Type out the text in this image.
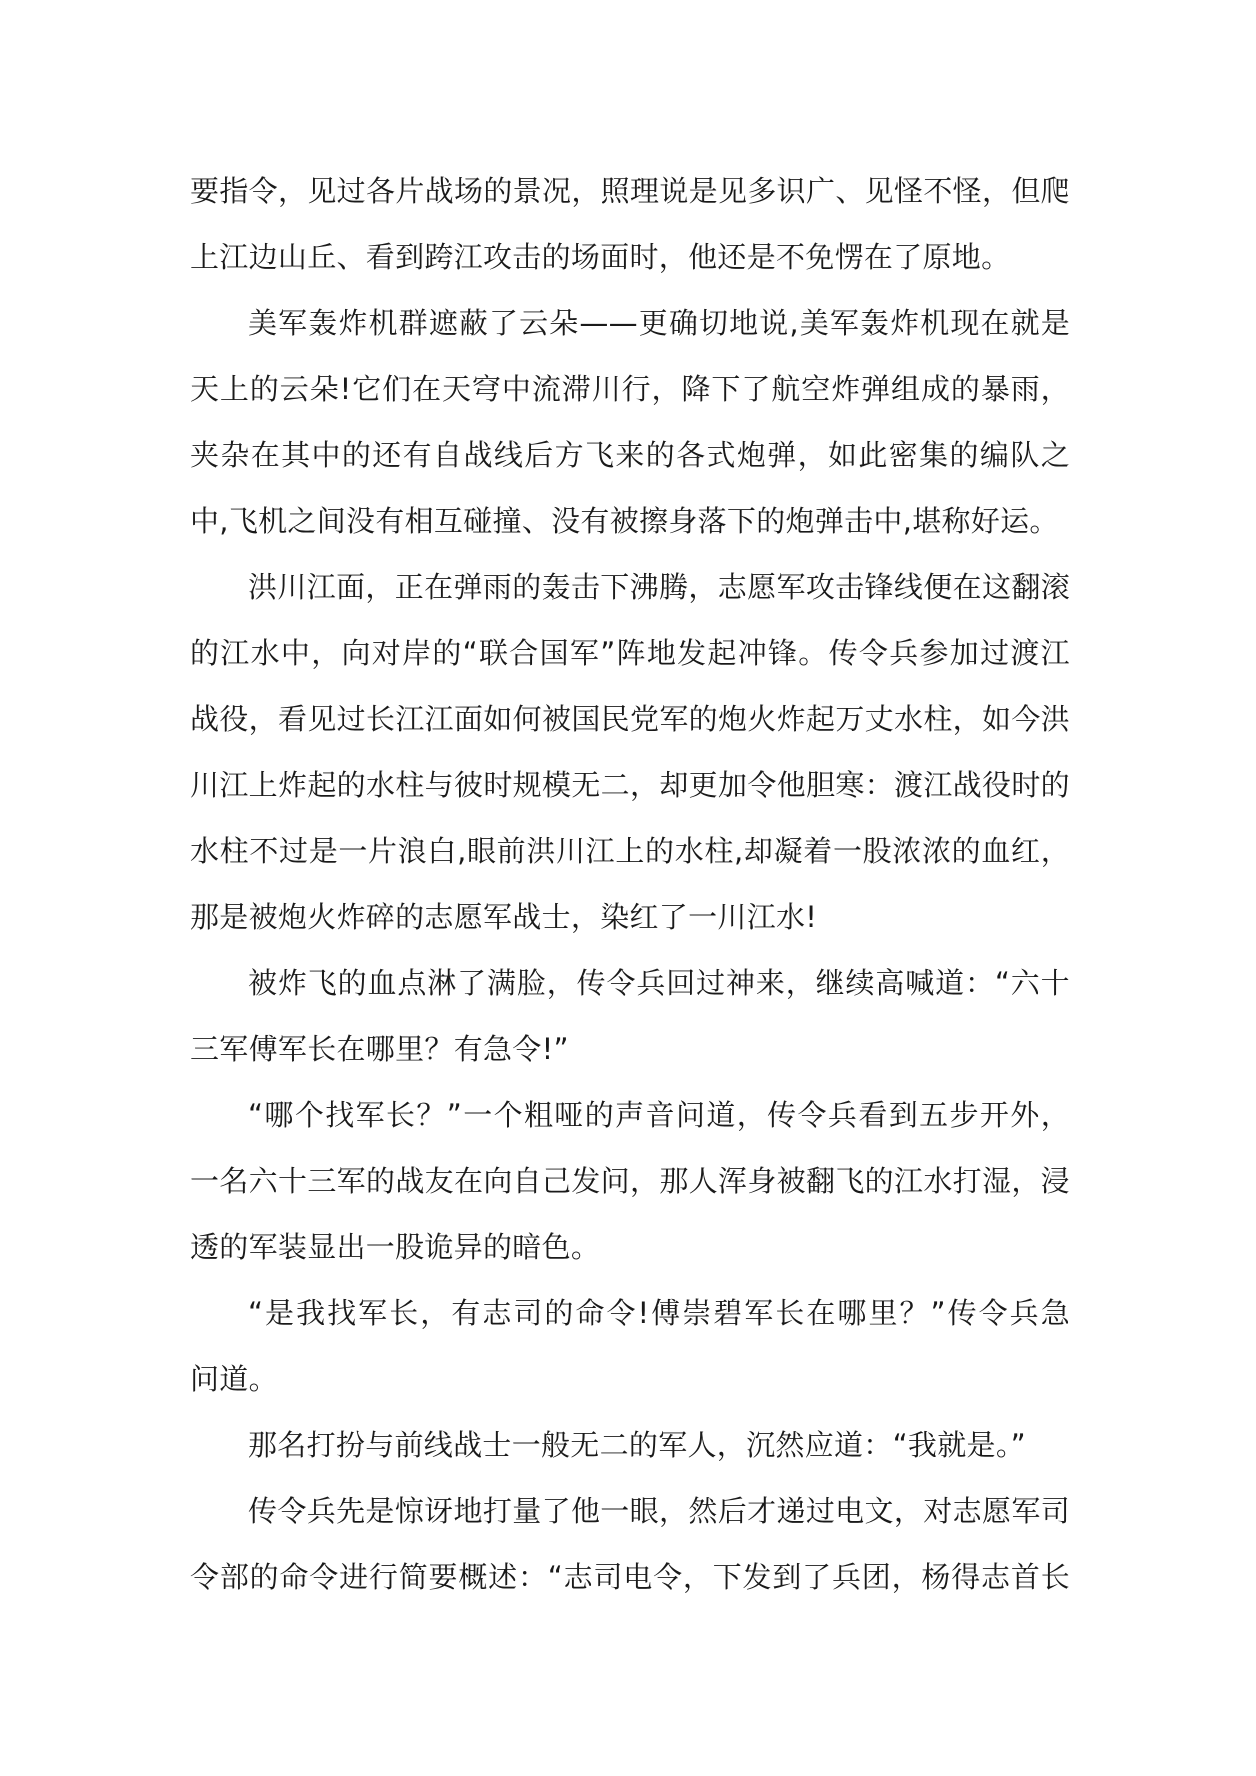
要指令，见过各片战场的景况，照理说是见多识广、见怪不怪，但爬
上江边山丘、看到跨江攻击的场面时，他还是不免愣在了原地。
美军轰炸机群遮蔽了云朵——更确切地说,美军轰炸机现在就是
天上的云朵!它们在天穹中流滞川行，降下了航空炸弹组成的暴雨，
夹杂在其中的还有自战线后方飞来的各式炮弹，如此密集的编队之
中,飞机之间没有相互碰撞、没有被擦身落下的炮弹击中,堪称好运。
洪川江面，正在弹雨的轰击下沸腾，志愿军攻击锋线便在这翻滚
的江水中，向对岸的“联合国军”阵地发起冲锋。传令兵参加过渡江
战役，看见过长江江面如何被国民党军的炮火炸起万丈水柱，如今洪
川江上炸起的水柱与彼时规模无二，却更加令他胆寒：渡江战役时的
水柱不过是一片浪白,眼前洪川江上的水柱,却凝着一股浓浓的血红，
那是被炮火炸碎的志愿军战士，染红了一川江水!
被炸飞的血点淋了满脸，传令兵回过神来，继续高喊道：“六十
三军傅军长在哪里？有急令!”
“哪个找军长？”一个粗哑的声音问道，传令兵看到五步开外，
一名六十三军的战友在向自己发问，那人浑身被翻飞的江水打湿，浸
透的军装显出一股诡异的暗色。
“是我找军长，有志司的命令!傅崇碧军长在哪里？”传令兵急
问道。
那名打扮与前线战士一般无二的军人，沉然应道：“我就是。”
传令兵先是惊讶地打量了他一眼，然后才递过电文，对志愿军司
令部的命令进行简要概述：“志司电令，下发到了兵团，杨得志首长
